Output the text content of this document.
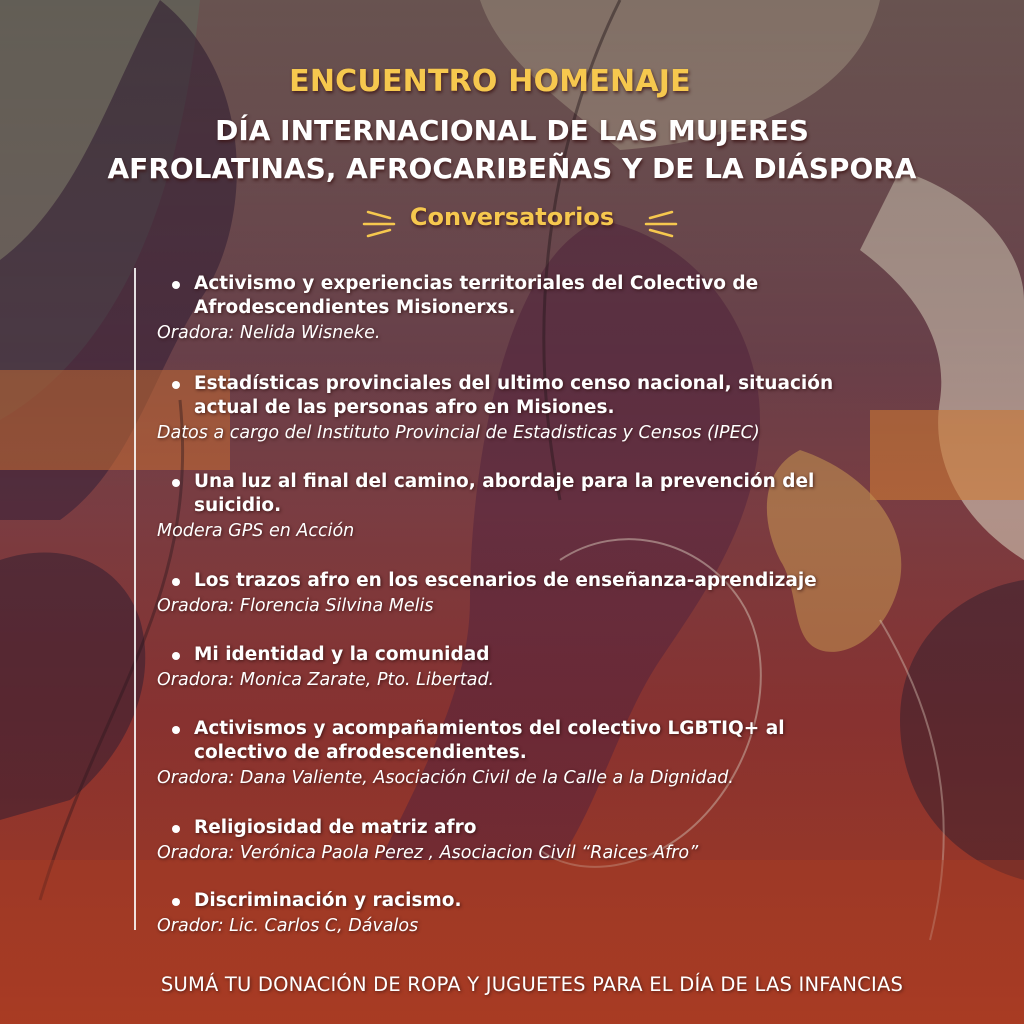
ENCUENTRO HOMENAJE
DÍA INTERNACIONAL DE LAS MUJERES
AFROLATINAS, AFROCARIBEÑAS Y DE LA DIÁSPORA
Conversatorios
Activismo y experiencias territoriales del Colectivo de
Afrodescendientes Misionerxs.
Oradora: Nelida Wisneke.
Estadísticas provinciales del ultimo censo nacional, situación
actual de las personas afro en Misiones.
Datos a cargo del Instituto Provincial de Estadisticas y Censos (IPEC)
Una luz al final del camino, abordaje para la prevención del
suicidio.
Modera GPS en Acción
Los trazos afro en los escenarios de enseñanza-aprendizaje
Oradora: Florencia Silvina Melis
Mi identidad y la comunidad
Oradora: Monica Zarate, Pto. Libertad.
Activismos y acompañamientos del colectivo LGBTIQ+ al
colectivo de afrodescendientes.
Oradora: Dana Valiente, Asociación Civil de la Calle a la Dignidad.
Religiosidad de matriz afro
Oradora: Verónica Paola Perez , Asociacion Civil “Raices Afro”
Discriminación y racismo.
Orador: Lic. Carlos C, Dávalos
SUMÁ TU DONACIÓN DE ROPA Y JUGUETES PARA EL DÍA DE LAS INFANCIAS
